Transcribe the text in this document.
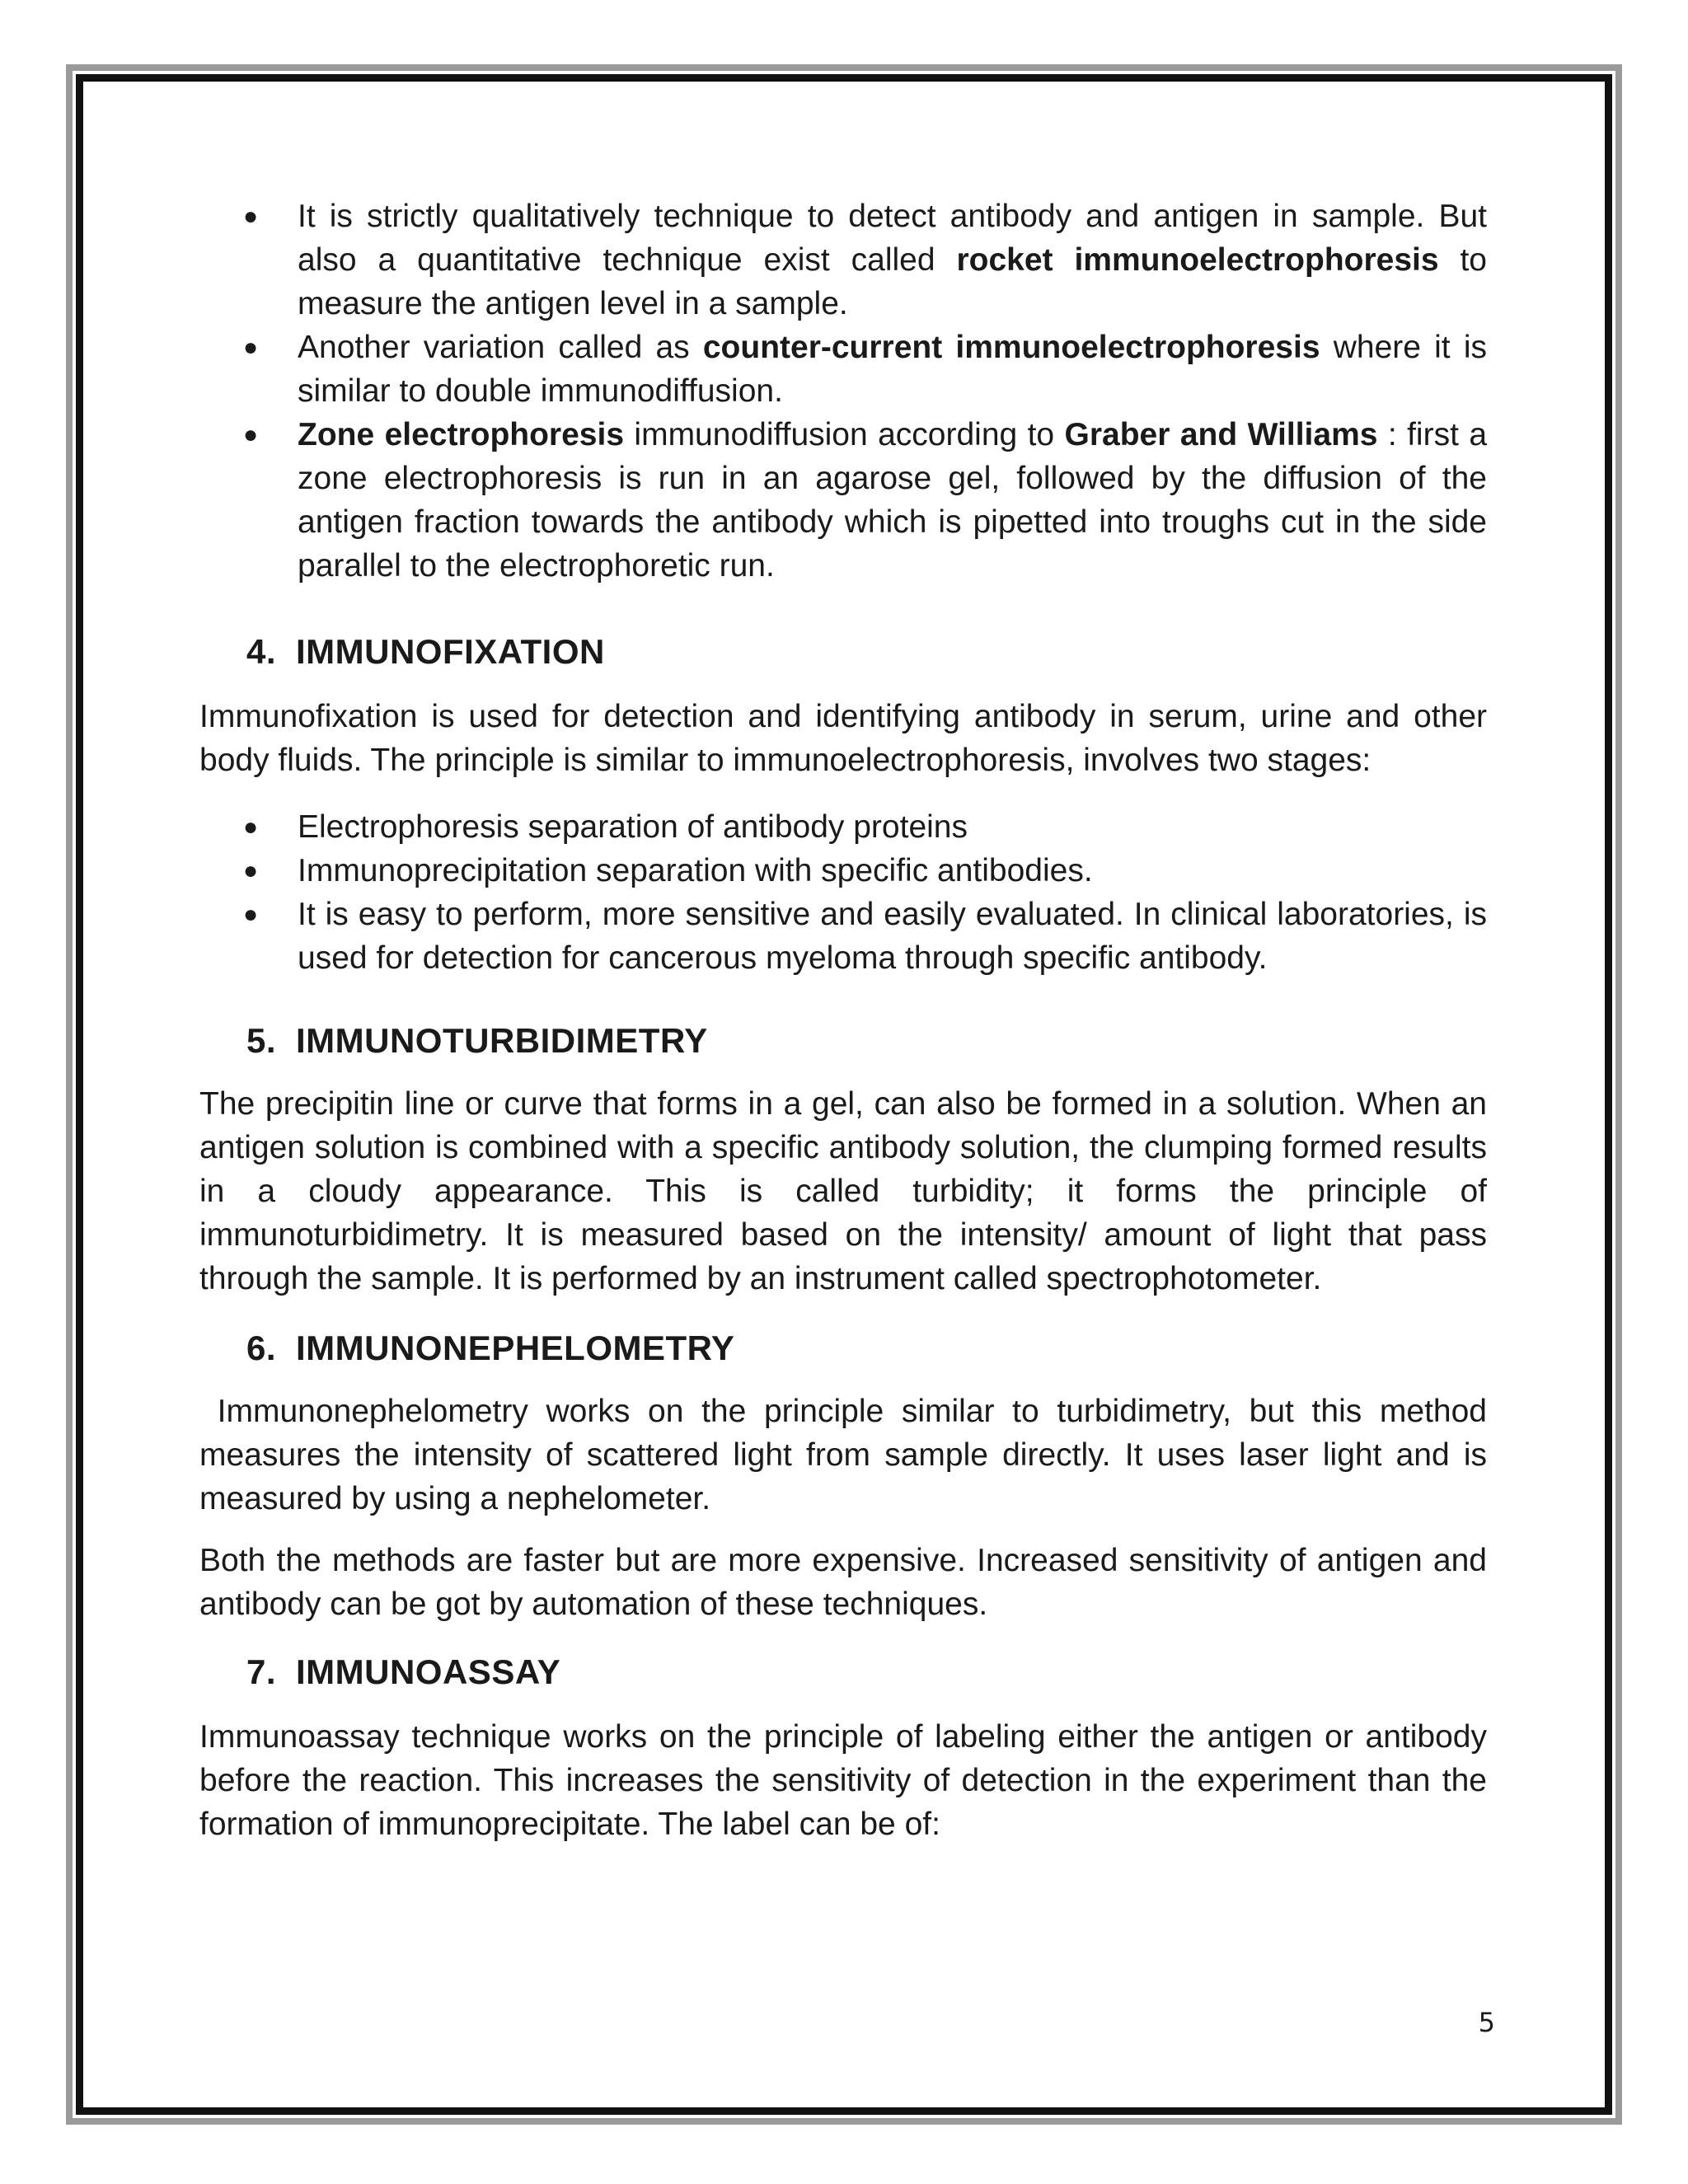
● It is strictly qualitatively technique to detect antibody and antigen in sample. But also a quantitative technique exist called rocket immunoelectrophoresis to measure the antigen level in a sample.
● Another variation called as counter-current immunoelectrophoresis where it is similar to double immunodiffusion.
● Zone electrophoresis immunodiffusion according to Graber and Williams : first a zone electrophoresis is run in an agarose gel, followed by the diffusion of the antigen fraction towards the antibody which is pipetted into troughs cut in the side parallel to the electrophoretic run.
4. IMMUNOFIXATION

Immunofixation is used for detection and identifying antibody in serum, urine and other body fluids. The principle is similar to immunoelectrophoresis, involves two stages:

● Electrophoresis separation of antibody proteins
● Immunoprecipitation separation with specific antibodies.
● It is easy to perform, more sensitive and easily evaluated. In clinical laboratories, is used for detection for cancerous myeloma through specific antibody.
5. IMMUNOTURBIDIMETRY

The precipitin line or curve that forms in a gel, can also be formed in a solution. When an antigen solution is combined with a specific antibody solution, the clumping formed results in a cloudy appearance. This is called turbidity; it forms the principle of immunoturbidimetry. It is measured based on the intensity/ amount of light that pass through the sample. It is performed by an instrument called spectrophotometer.

6. IMMUNONEPHELOMETRY

Immunonephelometry works on the principle similar to turbidimetry, but this method measures the intensity of scattered light from sample directly. It uses laser light and is measured by using a nephelometer.

Both the methods are faster but are more expensive. Increased sensitivity of antigen and antibody can be got by automation of these techniques.

7. IMMUNOASSAY

Immunoassay technique works on the principle of labeling either the antigen or antibody before the reaction. This increases the sensitivity of detection in the experiment than the formation of immunoprecipitate. The label can be of:

5
